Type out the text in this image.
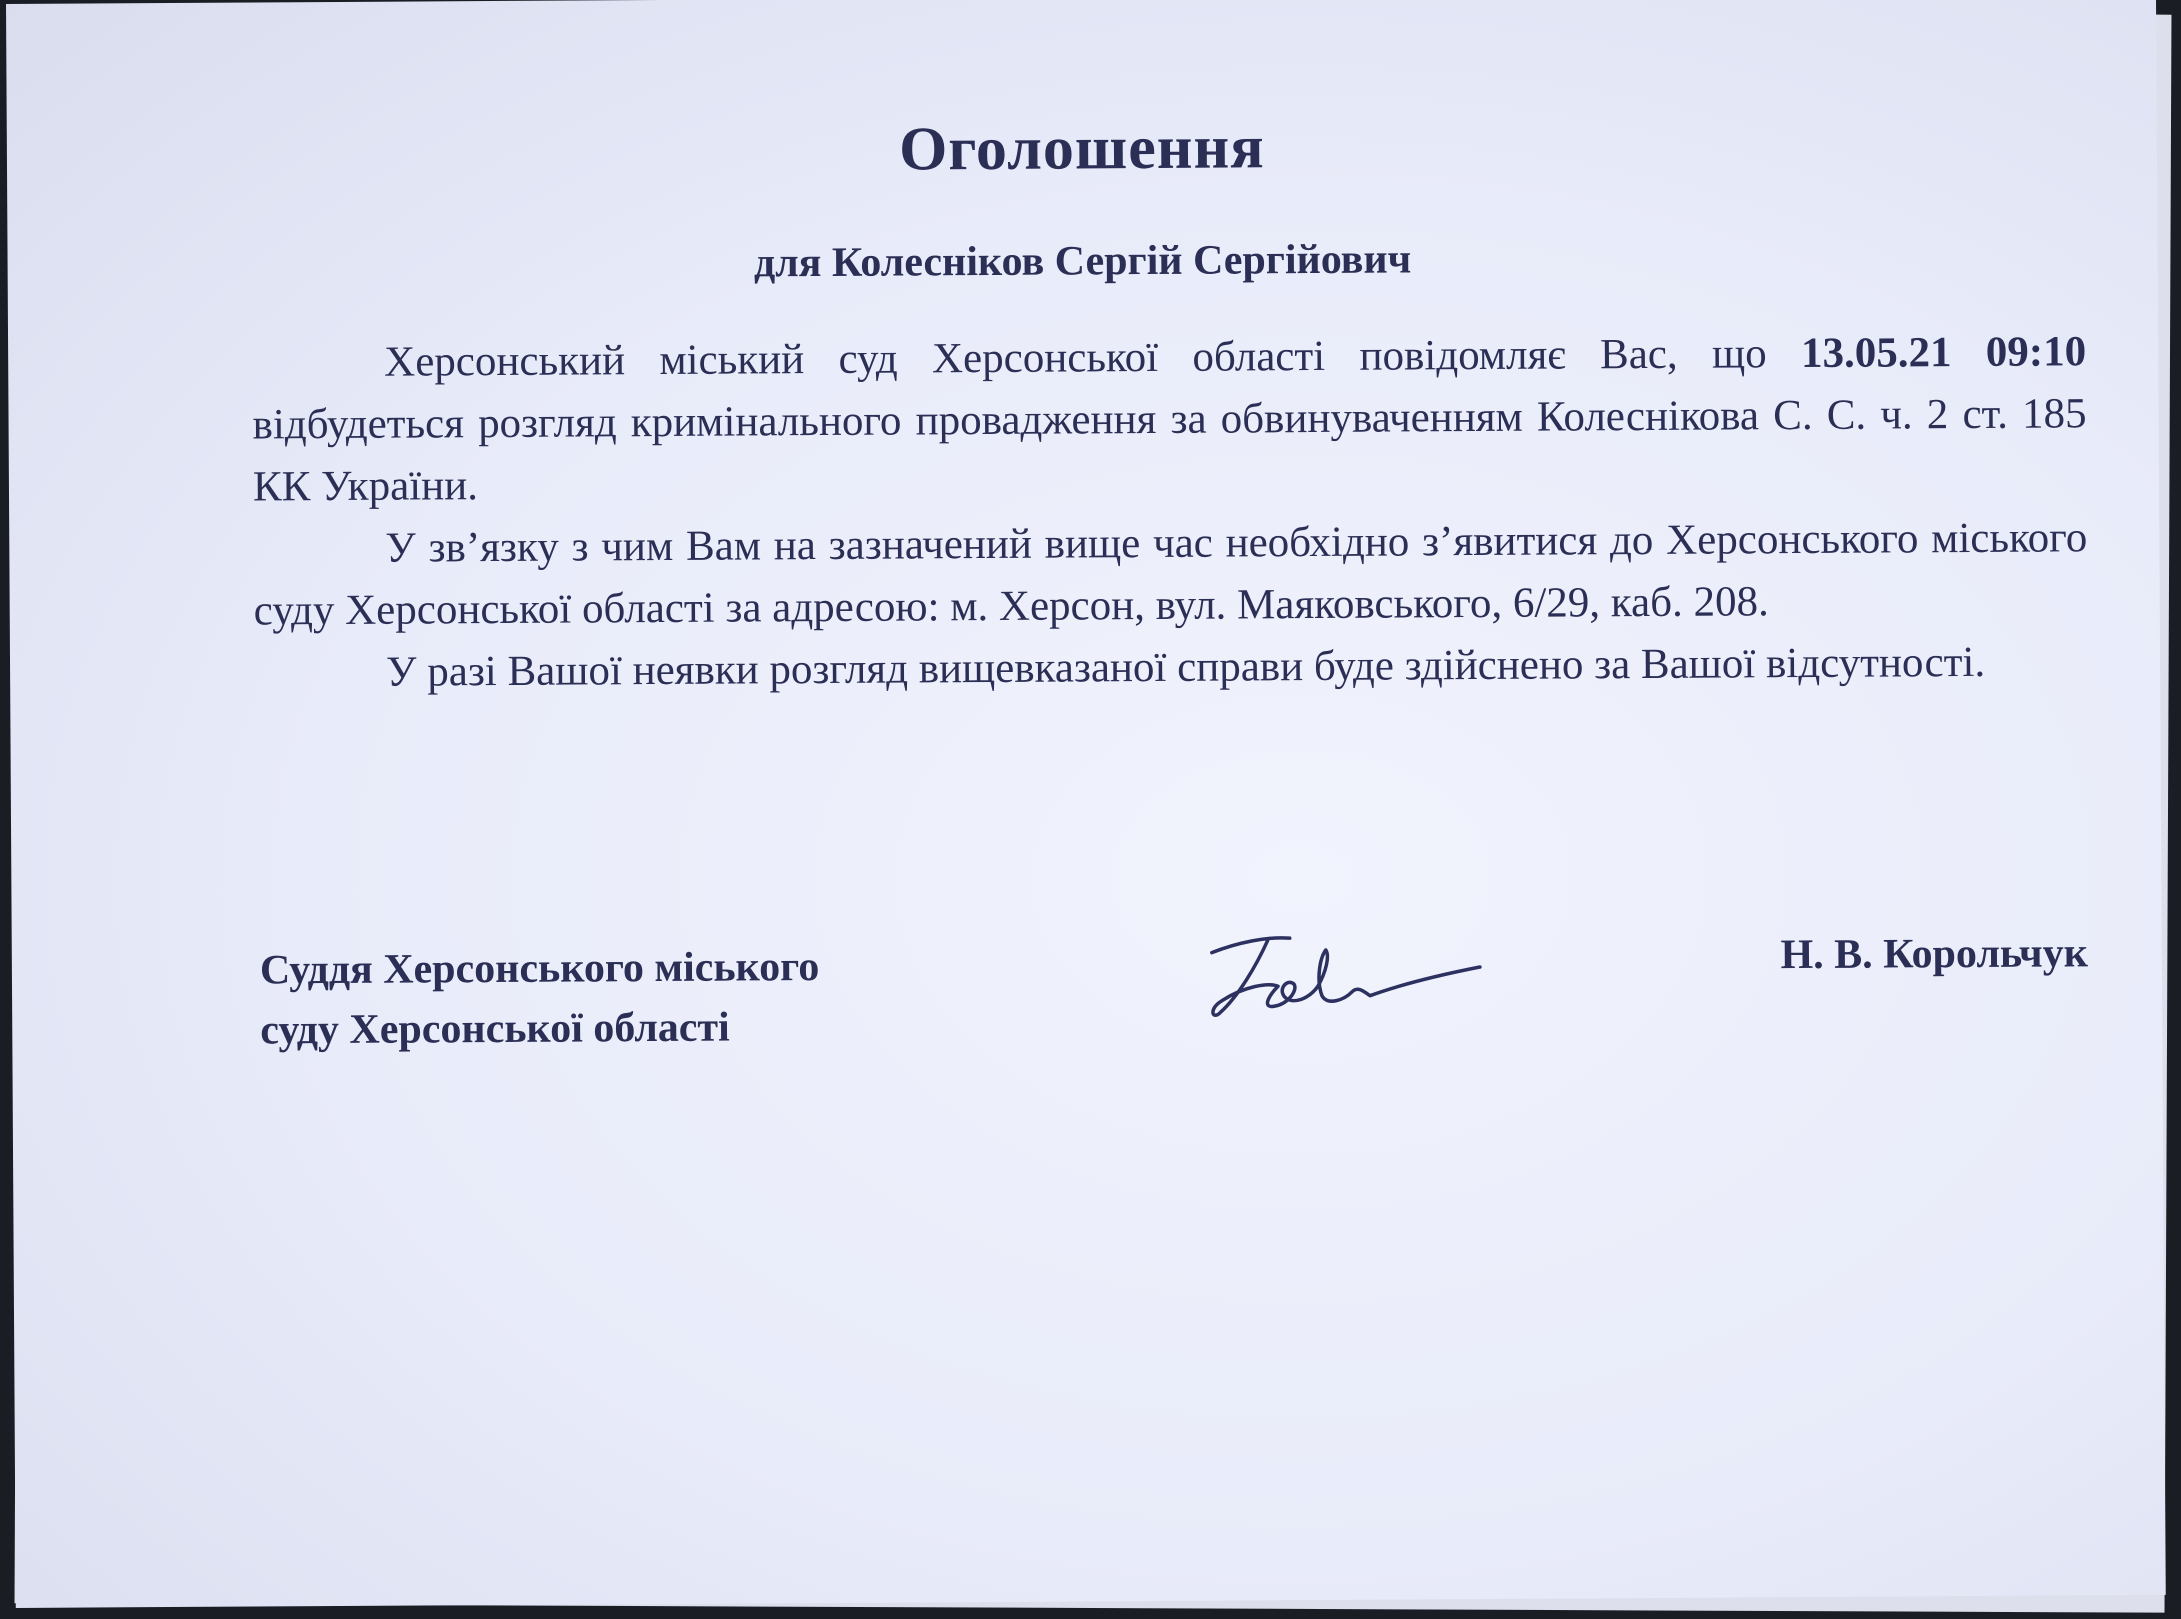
Оголошення
для Колесніков Сергій Сергійович

Херсонський міський суд Херсонської області повідомляє Вас, що 13.05.21 09:10 відбудеться розгляд кримінального провадження за обвинуваченням Колеснікова С. С. ч. 2 ст. 185 КК України.

У зв’язку з чим Вам на зазначений вище час необхідно з’явитися до Херсонського міського суду Херсонської області за адресою: м. Херсон, вул. Маяковського, 6/29, каб. 208.

У разі Вашої неявки розгляд вищевказаної справи буде здійснено за Вашої відсутності.

Суддя Херсонського міського
суду Херсонської області
Н. В. Корольчук
